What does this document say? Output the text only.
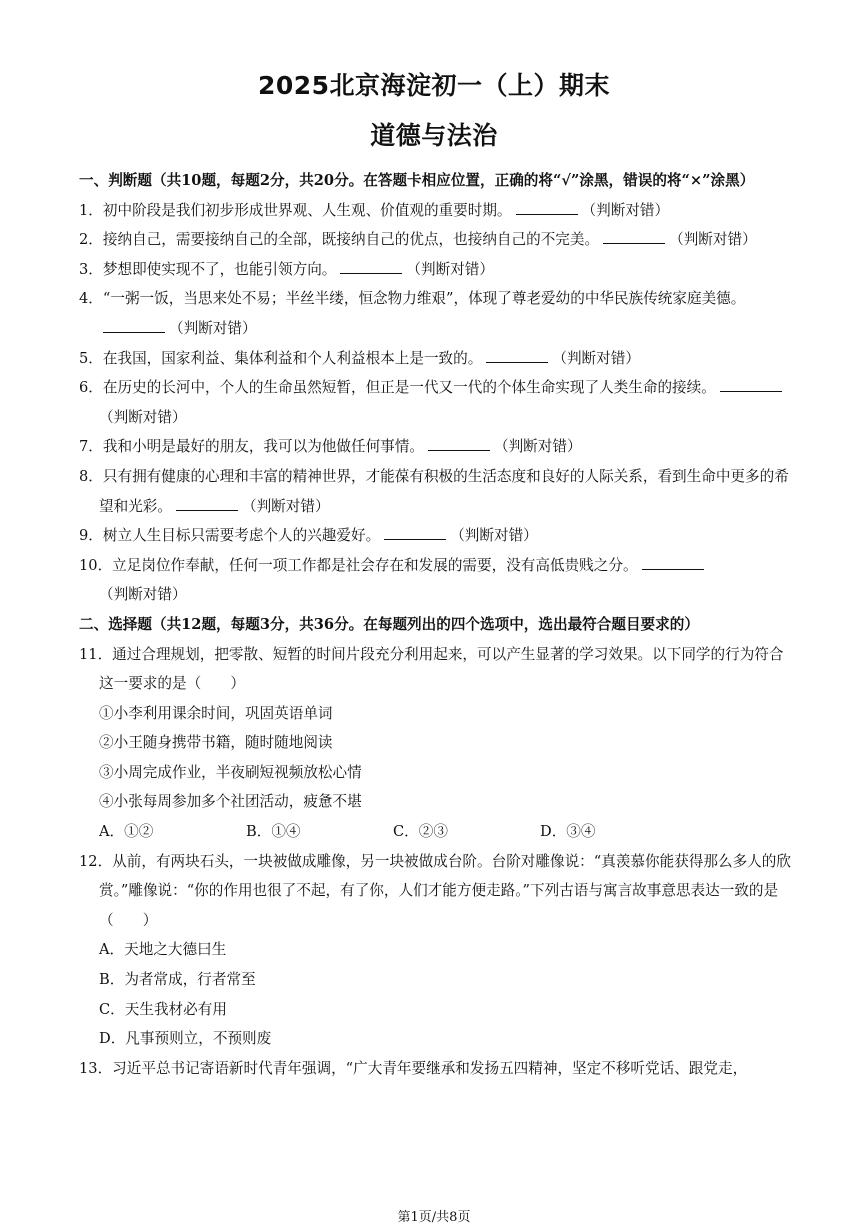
2025北京海淀初一（上）期末
道德与法治

一、判断题（共10题，每题2分，共20分。在答题卡相应位置，正确的将“√”涂黑，错误的将“×”涂黑）

1．初中阶段是我们初步形成世界观、人生观、价值观的重要时期。	（判断对错）

2．接纳自己，需要接纳自己的全部，既接纳自己的优点，也接纳自己的不完美。	（判断对错）

3．梦想即使实现不了，也能引领方向。	（判断对错）

4．“一粥一饭，当思来处不易；半丝半缕，恒念物力维艰”，体现了尊老爱幼的中华民族传统家庭美德。（判断对错）

5．在我国，国家利益、集体利益和个人利益根本上是一致的。	（判断对错）

6．在历史的长河中，个人的生命虽然短暂，但正是一代又一代的个体生命实现了人类生命的接续。（判断对错）

7．我和小明是最好的朋友，我可以为他做任何事情。	（判断对错）

8．只有拥有健康的心理和丰富的精神世界，才能葆有积极的生活态度和良好的人际关系，看到生命中更多的希望和光彩。	（判断对错）

9．树立人生目标只需要考虑个人的兴趣爱好。	（判断对错）

10．立足岗位作奉献，任何一项工作都是社会存在和发展的需要，没有高低贵贱之分。（判断对错）

二、选择题（共12题，每题3分，共36分。在每题列出的四个选项中，选出最符合题目要求的）

11．通过合理规划，把零散、短暂的时间片段充分利用起来，可以产生显著的学习效果。以下同学的行为符合这一要求的是（　　）

①小李利用课余时间，巩固英语单词

②小王随身携带书籍，随时随地阅读

③小周完成作业，半夜刷短视频放松心情

④小张每周参加多个社团活动，疲惫不堪

A．①②	B．①④	C．②③	D．③④

12．从前，有两块石头，一块被做成雕像，另一块被做成台阶。台阶对雕像说：“真羡慕你能获得那么多人的欣赏。”雕像说：“你的作用也很了不起，有了你，人们才能方便走路。”下列古语与寓言故事意思表达一致的是（　　）

A．天地之大德曰生

B．为者常成，行者常至

C．天生我材必有用

D．凡事预则立，不预则废

13．习近平总书记寄语新时代青年强调，“广大青年要继承和发扬五四精神，坚定不移听党话、跟党走，

第1页/共8页
